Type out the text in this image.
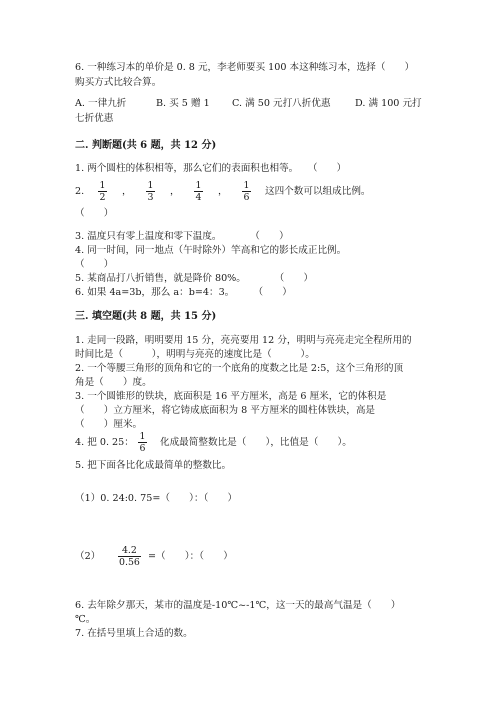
6. 一种练习本的单价是 0. 8 元，李老师要买 100 本这种练习本，选择（　　）
购买方式比较合算。
A. 一律九折	B. 买 5 赠 1 C. 满 50 元打八折优惠	D. 满 100 元打
七折优惠
二. 判断题(共 6 题，共 12 分)
1. 两个圆柱的体积相等，那么它们的表面积也相等。　　（　　）
2.
1
2
，
1
3
，
1
4
，
1
6
这四个数可以组成比例。
（　　）
3. 温度只有零上温度和零下温度。　　　　（　　）
4. 同一时间，同一地点（午时除外）竿高和它的影长成正比例。
（　　）
5. 某商品打八折销售，就是降价 80%。　　　　（　　）
6. 如果 4a=3b，那么 a：b=4：3。　　　（　　）
三. 填空题(共 8 题，共 15 分)
1. 走同一段路，明明要用 15 分，亮亮要用 12 分，明明与亮亮走完全程所用的
时间比是（　　　），明明与亮亮的速度比是（　　　）。
2. 一个等腰三角形的顶角和它的一个底角的度数之比是 2:5，这个三角形的顶
角是（　　）度。
3. 一个圆锥形的铁块，底面积是 16 平方厘米，高是 6 厘米，它的体积是
（　　）立方厘米，将它铸成底面积为 8 平方厘米的圆柱体铁块，高是
（　　）厘米。
4. 把 0. 25：
1
6
化成最简整数比是（　　），比值是（　　）。
5. 把下面各比化成最简单的整数比。
（1）0. 24:0. 75=（　　）：（　　）
（2）
4.2
0.56
=（　　）：（　　）
6. 去年除夕那天，某市的温度是-10℃~-1℃，这一天的最高气温是（　　）
℃。
7. 在括号里填上合适的数。
